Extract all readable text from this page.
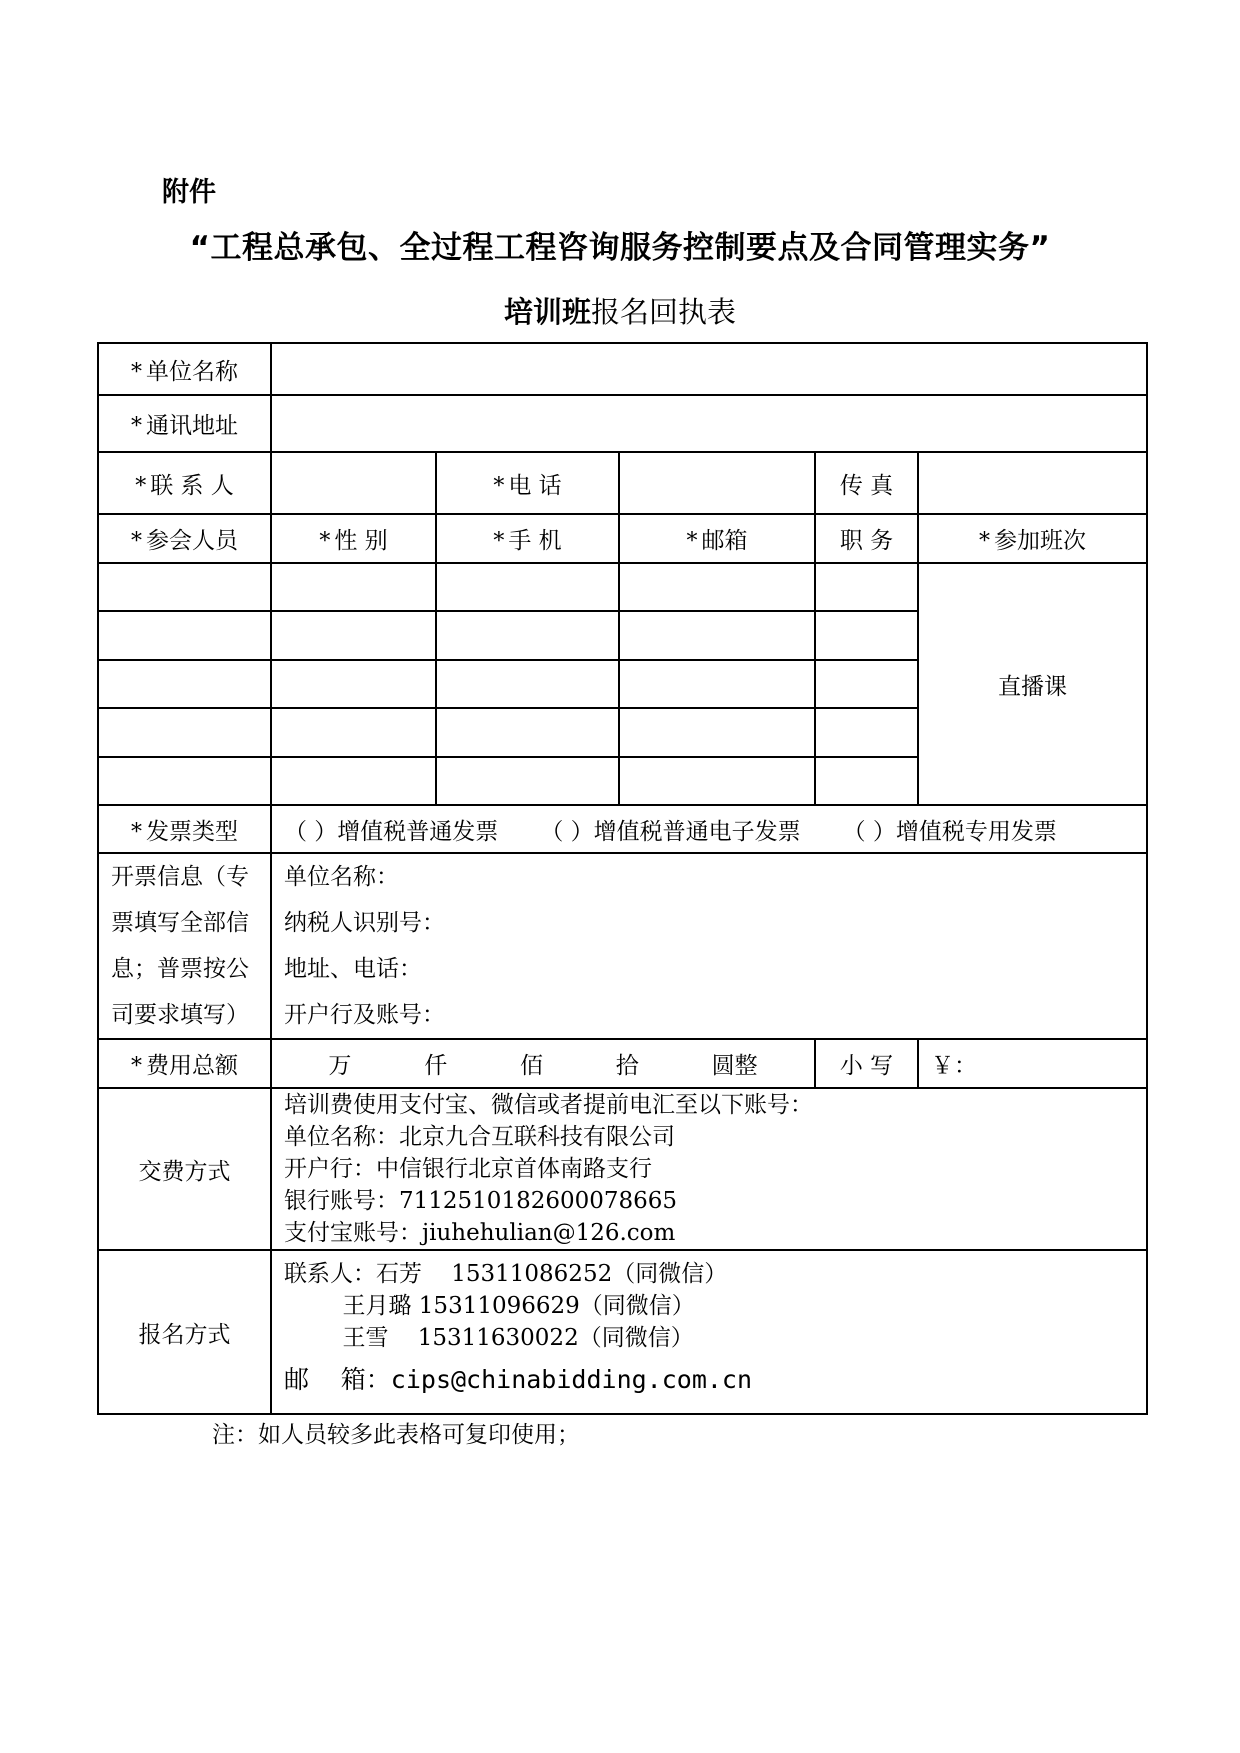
附件
“工程总承包、全过程工程咨询服务控制要点及合同管理实务”
培训班报名回执表
* 单位名称					
* 通讯地址					
* 联 系 人		* 电 话		传 真	
* 参会人员	* 性 别	* 手 机	* 邮箱	职 务	* 参加班次
					直播课

* 发票类型	（ ）增值税普通发票 （ ）增值税普通电子发票 （ ）增值税专用发票				
开票信息（专票填写全部信息；普票按公司要求填写）	单位名称：
纳税人识别号：
地址、电话：
开户行及账号：				

* 费用总额	万 仟 佰 拾 圆整			小 写	￥：
交费方式	培训费使用支付宝、微信或者提前电汇至以下账号：
单位名称：北京九合互联科技有限公司
开户行：中信银行北京首体南路支行
银行账号：7112510182600078665
支付宝账号：jiuhehulian@126.com				

报名方式	联系人：石芳    15311086252（同微信）
王月璐 15311096629（同微信）
王雪    15311630022（同微信）
邮    箱：cips@chinabidding.com.cn				
注：如人员较多此表格可复印使用；
